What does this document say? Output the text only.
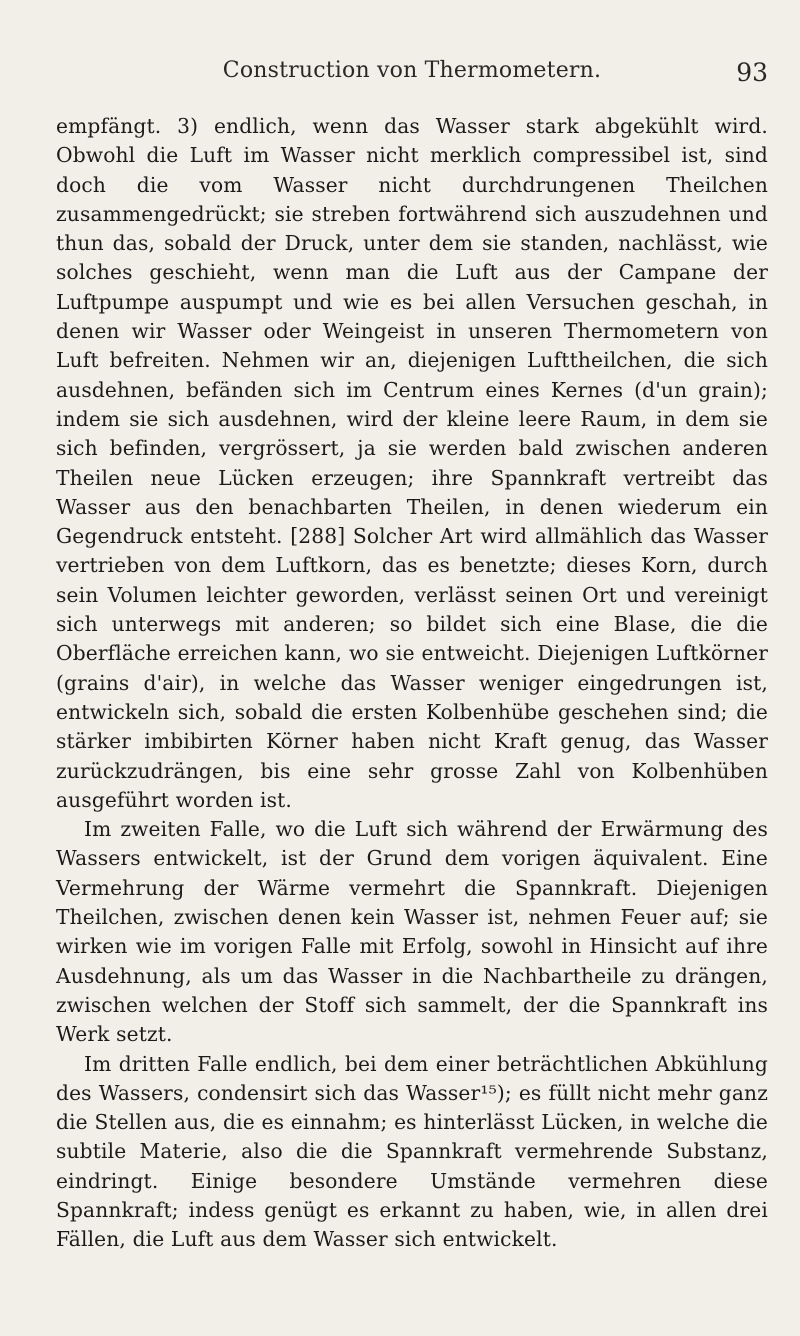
Construction von Thermometern.	93

empfängt. 3) endlich, wenn das Wasser stark abgekühlt wird. Obwohl die Luft im Wasser nicht merklich compressibel ist, sind doch die vom Wasser nicht durchdrungenen Theilchen zusammengedrückt; sie streben fortwährend sich auszudehnen und thun das, sobald der Druck, unter dem sie standen, nachlässt, wie solches geschieht, wenn man die Luft aus der Campane der Luftpumpe auspumpt und wie es bei allen Versuchen geschah, in denen wir Wasser oder Weingeist in unseren Thermometern von Luft befreiten. Nehmen wir an, diejenigen Lufttheilchen, die sich ausdehnen, befänden sich im Centrum eines Kernes (d'un grain); indem sie sich ausdehnen, wird der kleine leere Raum, in dem sie sich befinden, vergrössert, ja sie werden bald zwischen anderen Theilen neue Lücken erzeugen; ihre Spannkraft vertreibt das Wasser aus den benachbarten Theilen, in denen wiederum ein Gegendruck entsteht. [288] Solcher Art wird allmählich das Wasser vertrieben von dem Luftkorn, das es benetzte; dieses Korn, durch sein Volumen leichter geworden, verlässt seinen Ort und vereinigt sich unterwegs mit anderen; so bildet sich eine Blase, die die Oberfläche erreichen kann, wo sie entweicht. Diejenigen Luftkörner (grains d'air), in welche das Wasser weniger eingedrungen ist, entwickeln sich, sobald die ersten Kolbenhübe geschehen sind; die stärker imbibirten Körner haben nicht Kraft genug, das Wasser zurückzudrängen, bis eine sehr grosse Zahl von Kolbenhüben ausgeführt worden ist.

Im zweiten Falle, wo die Luft sich während der Erwärmung des Wassers entwickelt, ist der Grund dem vorigen äquivalent. Eine Vermehrung der Wärme vermehrt die Spannkraft. Diejenigen Theilchen, zwischen denen kein Wasser ist, nehmen Feuer auf; sie wirken wie im vorigen Falle mit Erfolg, sowohl in Hinsicht auf ihre Ausdehnung, als um das Wasser in die Nachbartheile zu drängen, zwischen welchen der Stoff sich sammelt, der die Spannkraft ins Werk setzt.

Im dritten Falle endlich, bei dem einer beträchtlichen Abkühlung des Wassers, condensirt sich das Wasser¹⁵); es füllt nicht mehr ganz die Stellen aus, die es einnahm; es hinterlässt Lücken, in welche die subtile Materie, also die die Spannkraft vermehrende Substanz, eindringt. Einige besondere Umstände vermehren diese Spannkraft; indess genügt es erkannt zu haben, wie, in allen drei Fällen, die Luft aus dem Wasser sich entwickelt.
